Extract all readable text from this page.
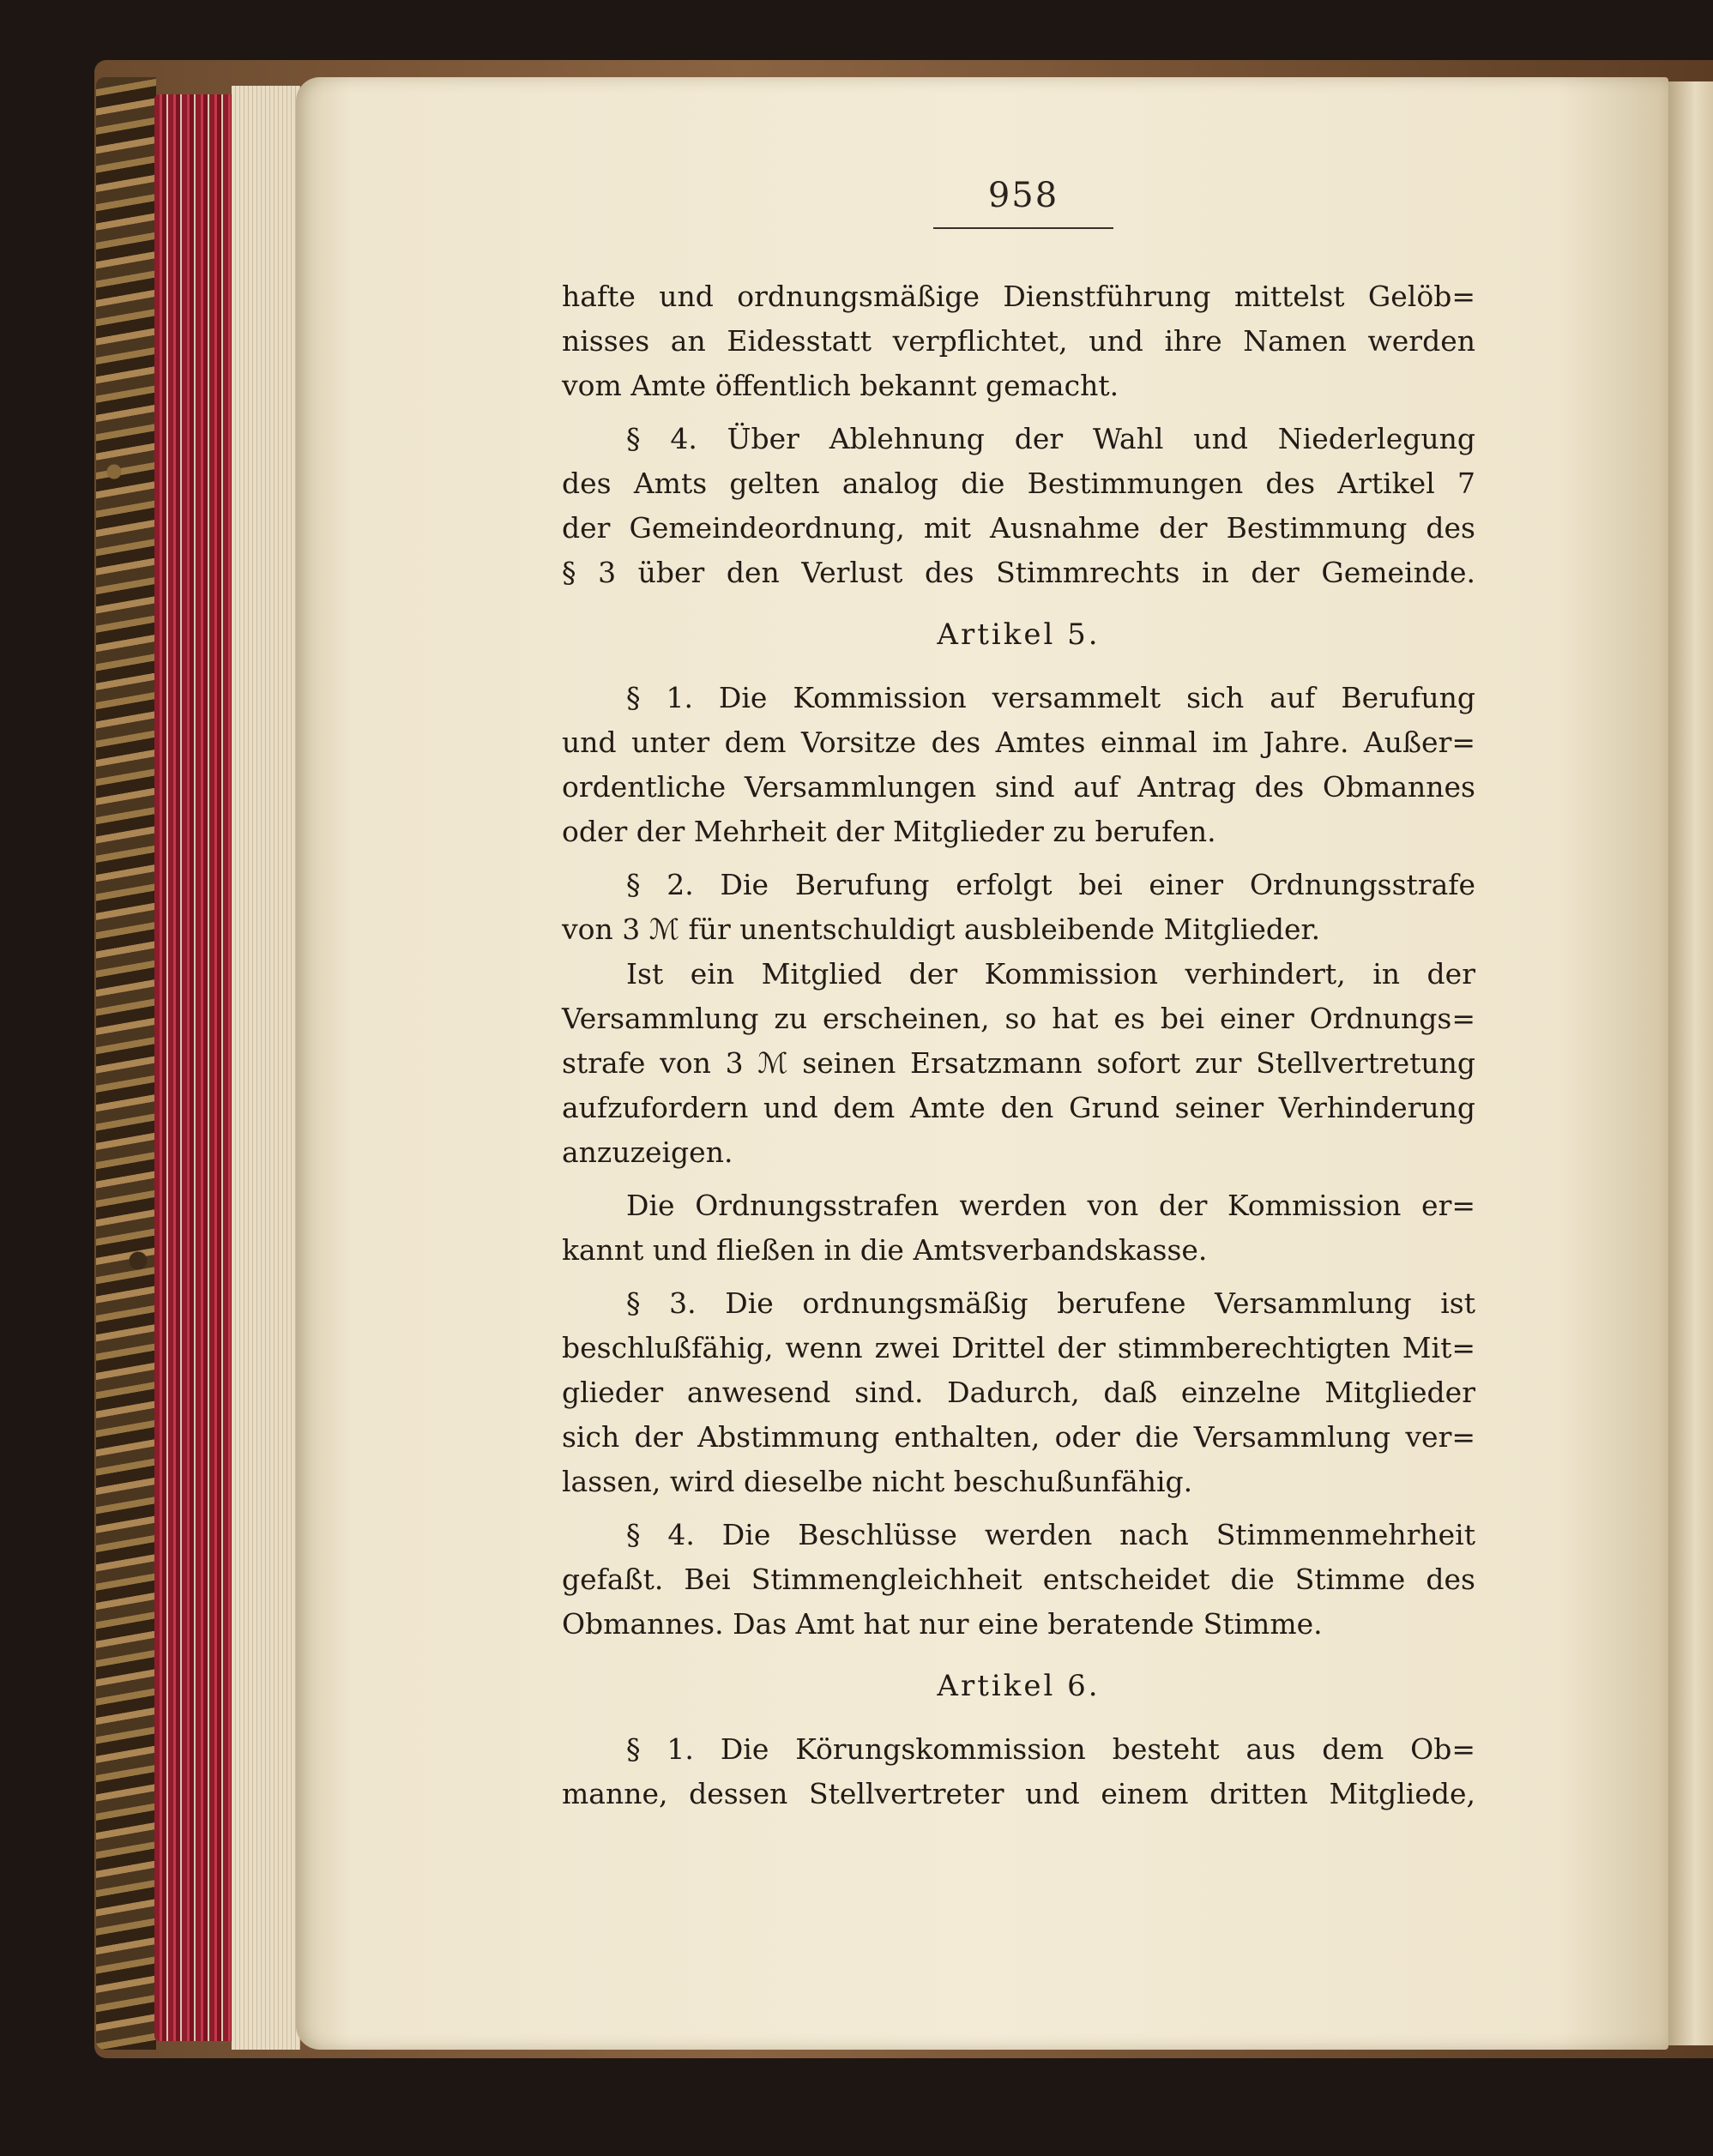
958
hafte und ordnungsmäßige Dienstführung mittelst Gelöb=
nisses an Eidesstatt verpflichtet, und ihre Namen werden
vom Amte öffentlich bekannt gemacht.
§ 4. Über Ablehnung der Wahl und Niederlegung
des Amts gelten analog die Bestimmungen des Artikel 7
der Gemeindeordnung, mit Ausnahme der Bestimmung des
§ 3 über den Verlust des Stimmrechts in der Gemeinde.
Artikel 5.
§ 1. Die Kommission versammelt sich auf Berufung
und unter dem Vorsitze des Amtes einmal im Jahre. Außer=
ordentliche Versammlungen sind auf Antrag des Obmannes
oder der Mehrheit der Mitglieder zu berufen.
§ 2. Die Berufung erfolgt bei einer Ordnungsstrafe
von 3 ℳ für unentschuldigt ausbleibende Mitglieder.
Ist ein Mitglied der Kommission verhindert, in der
Versammlung zu erscheinen, so hat es bei einer Ordnungs=
strafe von 3 ℳ seinen Ersatzmann sofort zur Stellvertretung
aufzufordern und dem Amte den Grund seiner Verhinderung
anzuzeigen.
Die Ordnungsstrafen werden von der Kommission er=
kannt und fließen in die Amtsverbandskasse.
§ 3. Die ordnungsmäßig berufene Versammlung ist
beschlußfähig, wenn zwei Drittel der stimmberechtigten Mit=
glieder anwesend sind. Dadurch, daß einzelne Mitglieder
sich der Abstimmung enthalten, oder die Versammlung ver=
lassen, wird dieselbe nicht beschußunfähig.
§ 4. Die Beschlüsse werden nach Stimmenmehrheit
gefaßt. Bei Stimmengleichheit entscheidet die Stimme des
Obmannes. Das Amt hat nur eine beratende Stimme.
Artikel 6.
§ 1. Die Körungskommission besteht aus dem Ob=
manne, dessen Stellvertreter und einem dritten Mitgliede,
